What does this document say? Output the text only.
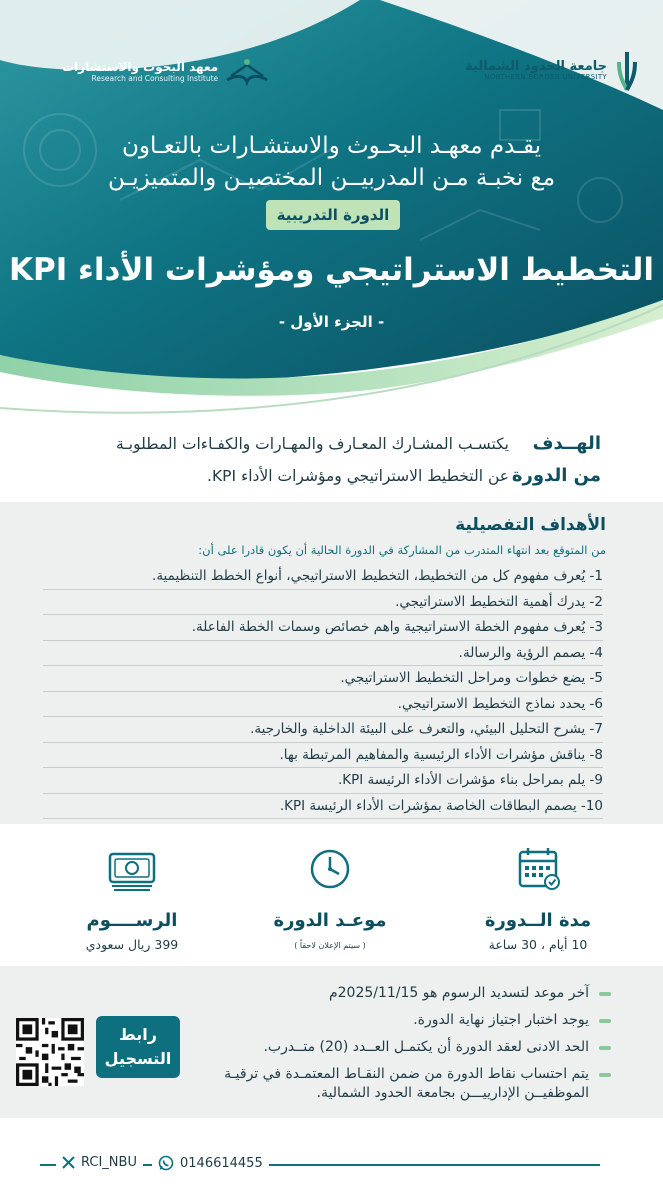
جامعة الحدود الشمالية
NORTHERN BORDER UNIVERSITY
معهد البحوث والاستشارات
Research and Consulting Institute
يقـدم معهـد البحـوث والاستشـارات بالتعـاون
مع نخبـة مـن المدربيــن المختصيـن والمتميزيـن
الدورة التدريبية
التخطيط الاستراتيجي ومؤشرات الأداء KPI
- الجزء الأول -
الهــدف
من الدورة
يكتسـب المشـارك المعـارف والمهـارات والكفـاءات المطلوبـة
عن التخطيط الاستراتيجي ومؤشرات الأداء KPI.
الأهداف التفصيلية
من المتوقع بعد انتهاء المتدرب من المشاركة في الدورة الحالية أن يكون قادرا على أن:
1- يُعرف مفهوم كل من التخطيط، التخطيط الاستراتيجي، أنواع الخطط التنظيمية.
2- يدرك أهمية التخطيط الاستراتيجي.
3- يُعرف مفهوم الخطة الاستراتيجية واهم خصائص وسمات الخطة الفاعلة.
4- يصمم الرؤية والرسالة.
5- يضع خطوات ومراحل التخطيط الاستراتيجي.
6- يحدد نماذج التخطيط الاستراتيجي.
7- يشرح التحليل البيئي، والتعرف على البيئة الداخلية والخارجية.
8- يناقش مؤشرات الأداء الرئيسية والمفاهيم المرتبطة بها.
9- يلم بمراحل بناء مؤشرات الأداء الرئيسة KPI.
10- يصمم البطاقات الخاصة بمؤشرات الأداء الرئيسة KPI.
مدة الــدورة
10 أيام ، 30 ساعة
موعـد الدورة
( سيتم الإعلان لاحقاً )
الرســــوم
399 ريال سعودي
آخر موعد لتسديد الرسوم هو 2025/11/15م
يوجد اختبار اجتياز نهاية الدورة.
الحد الادنى لعقد الدورة أن يكتمـل العــدد (20) متــدرب.
يتم احتساب نقاط الدورة من ضمن النقـاط المعتمـدة في ترقيـة الموظفيــن الإدارييـــن بجامعة الحدود الشمالية.
رابط
التسجيل
0146614455
RCI_NBU
